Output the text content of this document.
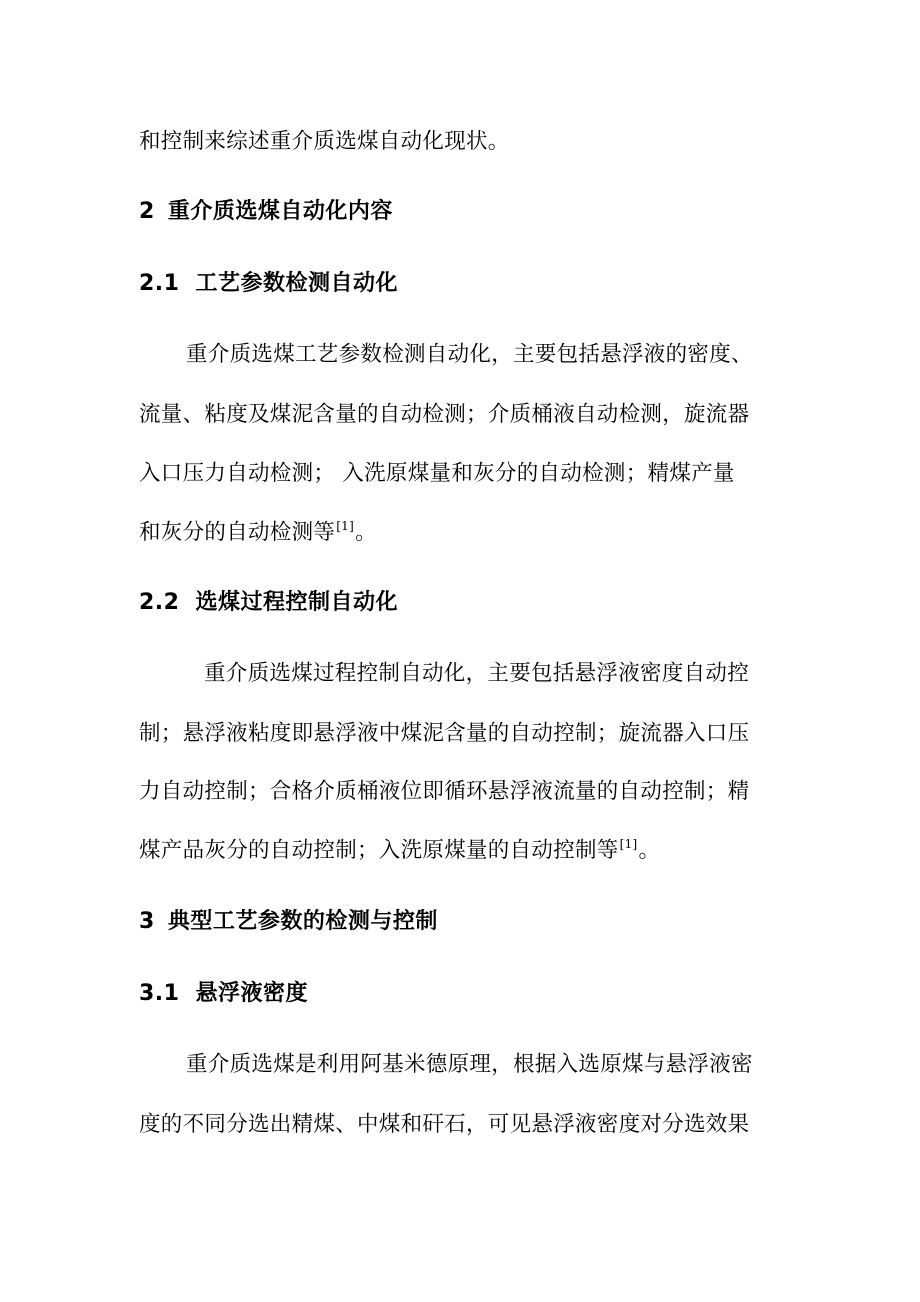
和控制来综述重介质选煤自动化现状。
2 重介质选煤自动化内容
2.1 工艺参数检测自动化
重介质选煤工艺参数检测自动化，主要包括悬浮液的密度、
流量、粘度及煤泥含量的自动检测；介质桶液自动检测，旋流器
入口压力自动检测； 入洗原煤量和灰分的自动检测；精煤产量
和灰分的自动检测等[1]。
2.2 选煤过程控制自动化
重介质选煤过程控制自动化，主要包括悬浮液密度自动控
制；悬浮液粘度即悬浮液中煤泥含量的自动控制；旋流器入口压
力自动控制；合格介质桶液位即循环悬浮液流量的自动控制；精
煤产品灰分的自动控制；入洗原煤量的自动控制等[1]。
3 典型工艺参数的检测与控制
3.1 悬浮液密度
重介质选煤是利用阿基米德原理，根据入选原煤与悬浮液密
度的不同分选出精煤、中煤和矸石，可见悬浮液密度对分选效果
